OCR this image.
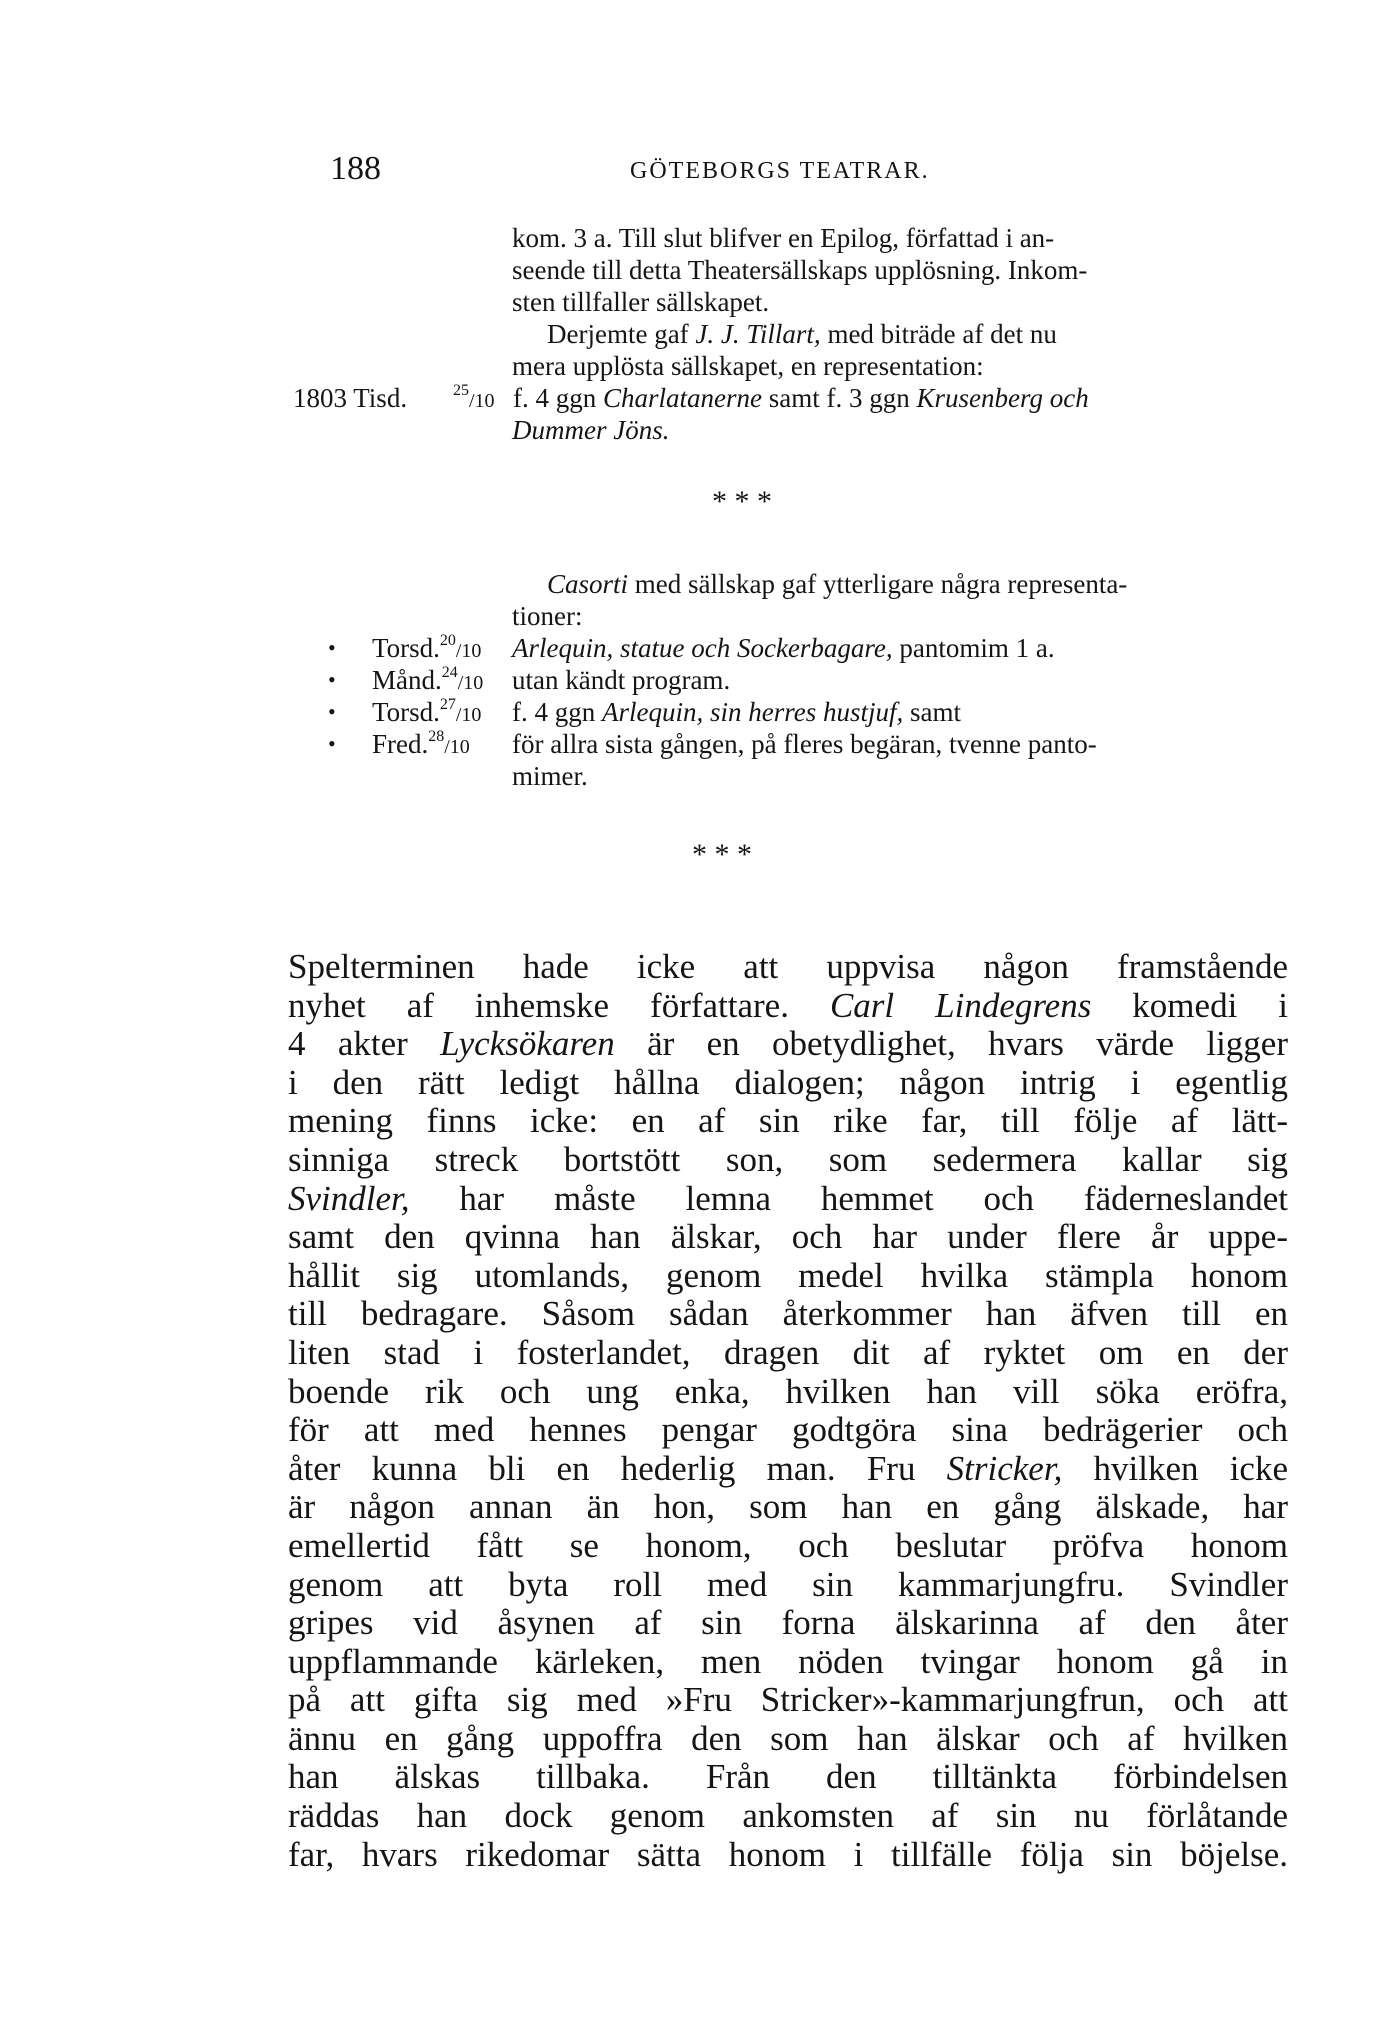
188	GÖTEBORGS TEATRAR.
kom. 3 a. Till slut blifver en Epilog, författad i an-
seende till detta Theatersällskaps upplösning. Inkom-
sten tillfaller sällskapet.
Derjemte gaf J. J. Tillart, med biträde af det nu
mera upplösta sällskapet, en representation:
1803 Tisd.	$^{25}$/10 f. 4 ggn Charlatanerne samt f. 3 ggn Krusenberg och
Dummer Jöns.
* * *
Casorti med sällskap gaf ytterligare några representa-
tioner:
• Torsd.$^{20}$/10 Arlequin, statue och Sockerbagare, pantomim 1 a.
• Månd.$^{24}$/10 utan kändt program.
• Torsd.$^{27}$/10 f. 4 ggn Arlequin, sin herres hustjuf, samt
• Fred.$^{28}$/10 för allra sista gången, på fleres begäran, tvenne panto-
mimer.
* * *
Spelterminen hade icke att uppvisa någon framstående
nyhet af inhemske författare. Carl Lindegrens komedi i
4 akter Lycksökaren är en obetydlighet, hvars värde ligger
i den rätt ledigt hållna dialogen; någon intrig i egentlig
mening finns icke: en af sin rike far, till följe af lätt-
sinniga streck bortstött son, som sedermera kallar sig
Svindler, har måste lemna hemmet och fäderneslandet
samt den qvinna han älskar, och har under flere år uppe-
hållit sig utomlands, genom medel hvilka stämpla honom
till bedragare. Såsom sådan återkommer han äfven till en
liten stad i fosterlandet, dragen dit af ryktet om en der
boende rik och ung enka, hvilken han vill söka eröfra,
för att med hennes pengar godtgöra sina bedrägerier och
åter kunna bli en hederlig man. Fru Stricker, hvilken icke
är någon annan än hon, som han en gång älskade, har
emellertid fått se honom, och beslutar pröfva honom
genom att byta roll med sin kammarjungfru. Svindler
gripes vid åsynen af sin forna älskarinna af den åter
uppflammande kärleken, men nöden tvingar honom gå in
på att gifta sig med »Fru Stricker»-kammarjungfrun, och att
ännu en gång uppoffra den som han älskar och af hvilken
han älskas tillbaka. Från den tilltänkta förbindelsen
räddas han dock genom ankomsten af sin nu förlåtande
far, hvars rikedomar sätta honom i tillfälle följa sin böjelse.
